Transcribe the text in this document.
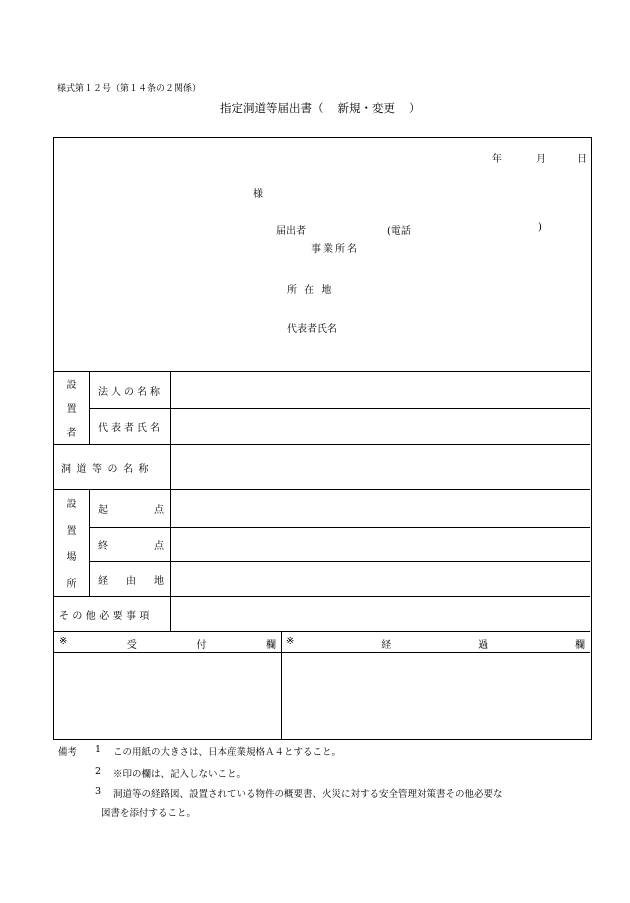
様式第１２号（第１４条の２関係）
指定洞道等届出書（ 新規・変更 ）
年	月	日
様
届出者	(電話	)
事業所名
所 在 地
代表者氏名
設
置
者
法人の名称
代表者氏名
洞道等の名称
設
置
場
所
起	点
終	点
経 由 地
その他必要事項
※	受	付	欄 ※	経	過	欄
備考 1 この用紙の大きさは、日本産業規格Ａ４とすること。
2 ※印の欄は、記入しないこと。
3 洞道等の経路図、設置されている物件の概要書、火災に対する安全管理対策書その他必要な
図書を添付すること。
